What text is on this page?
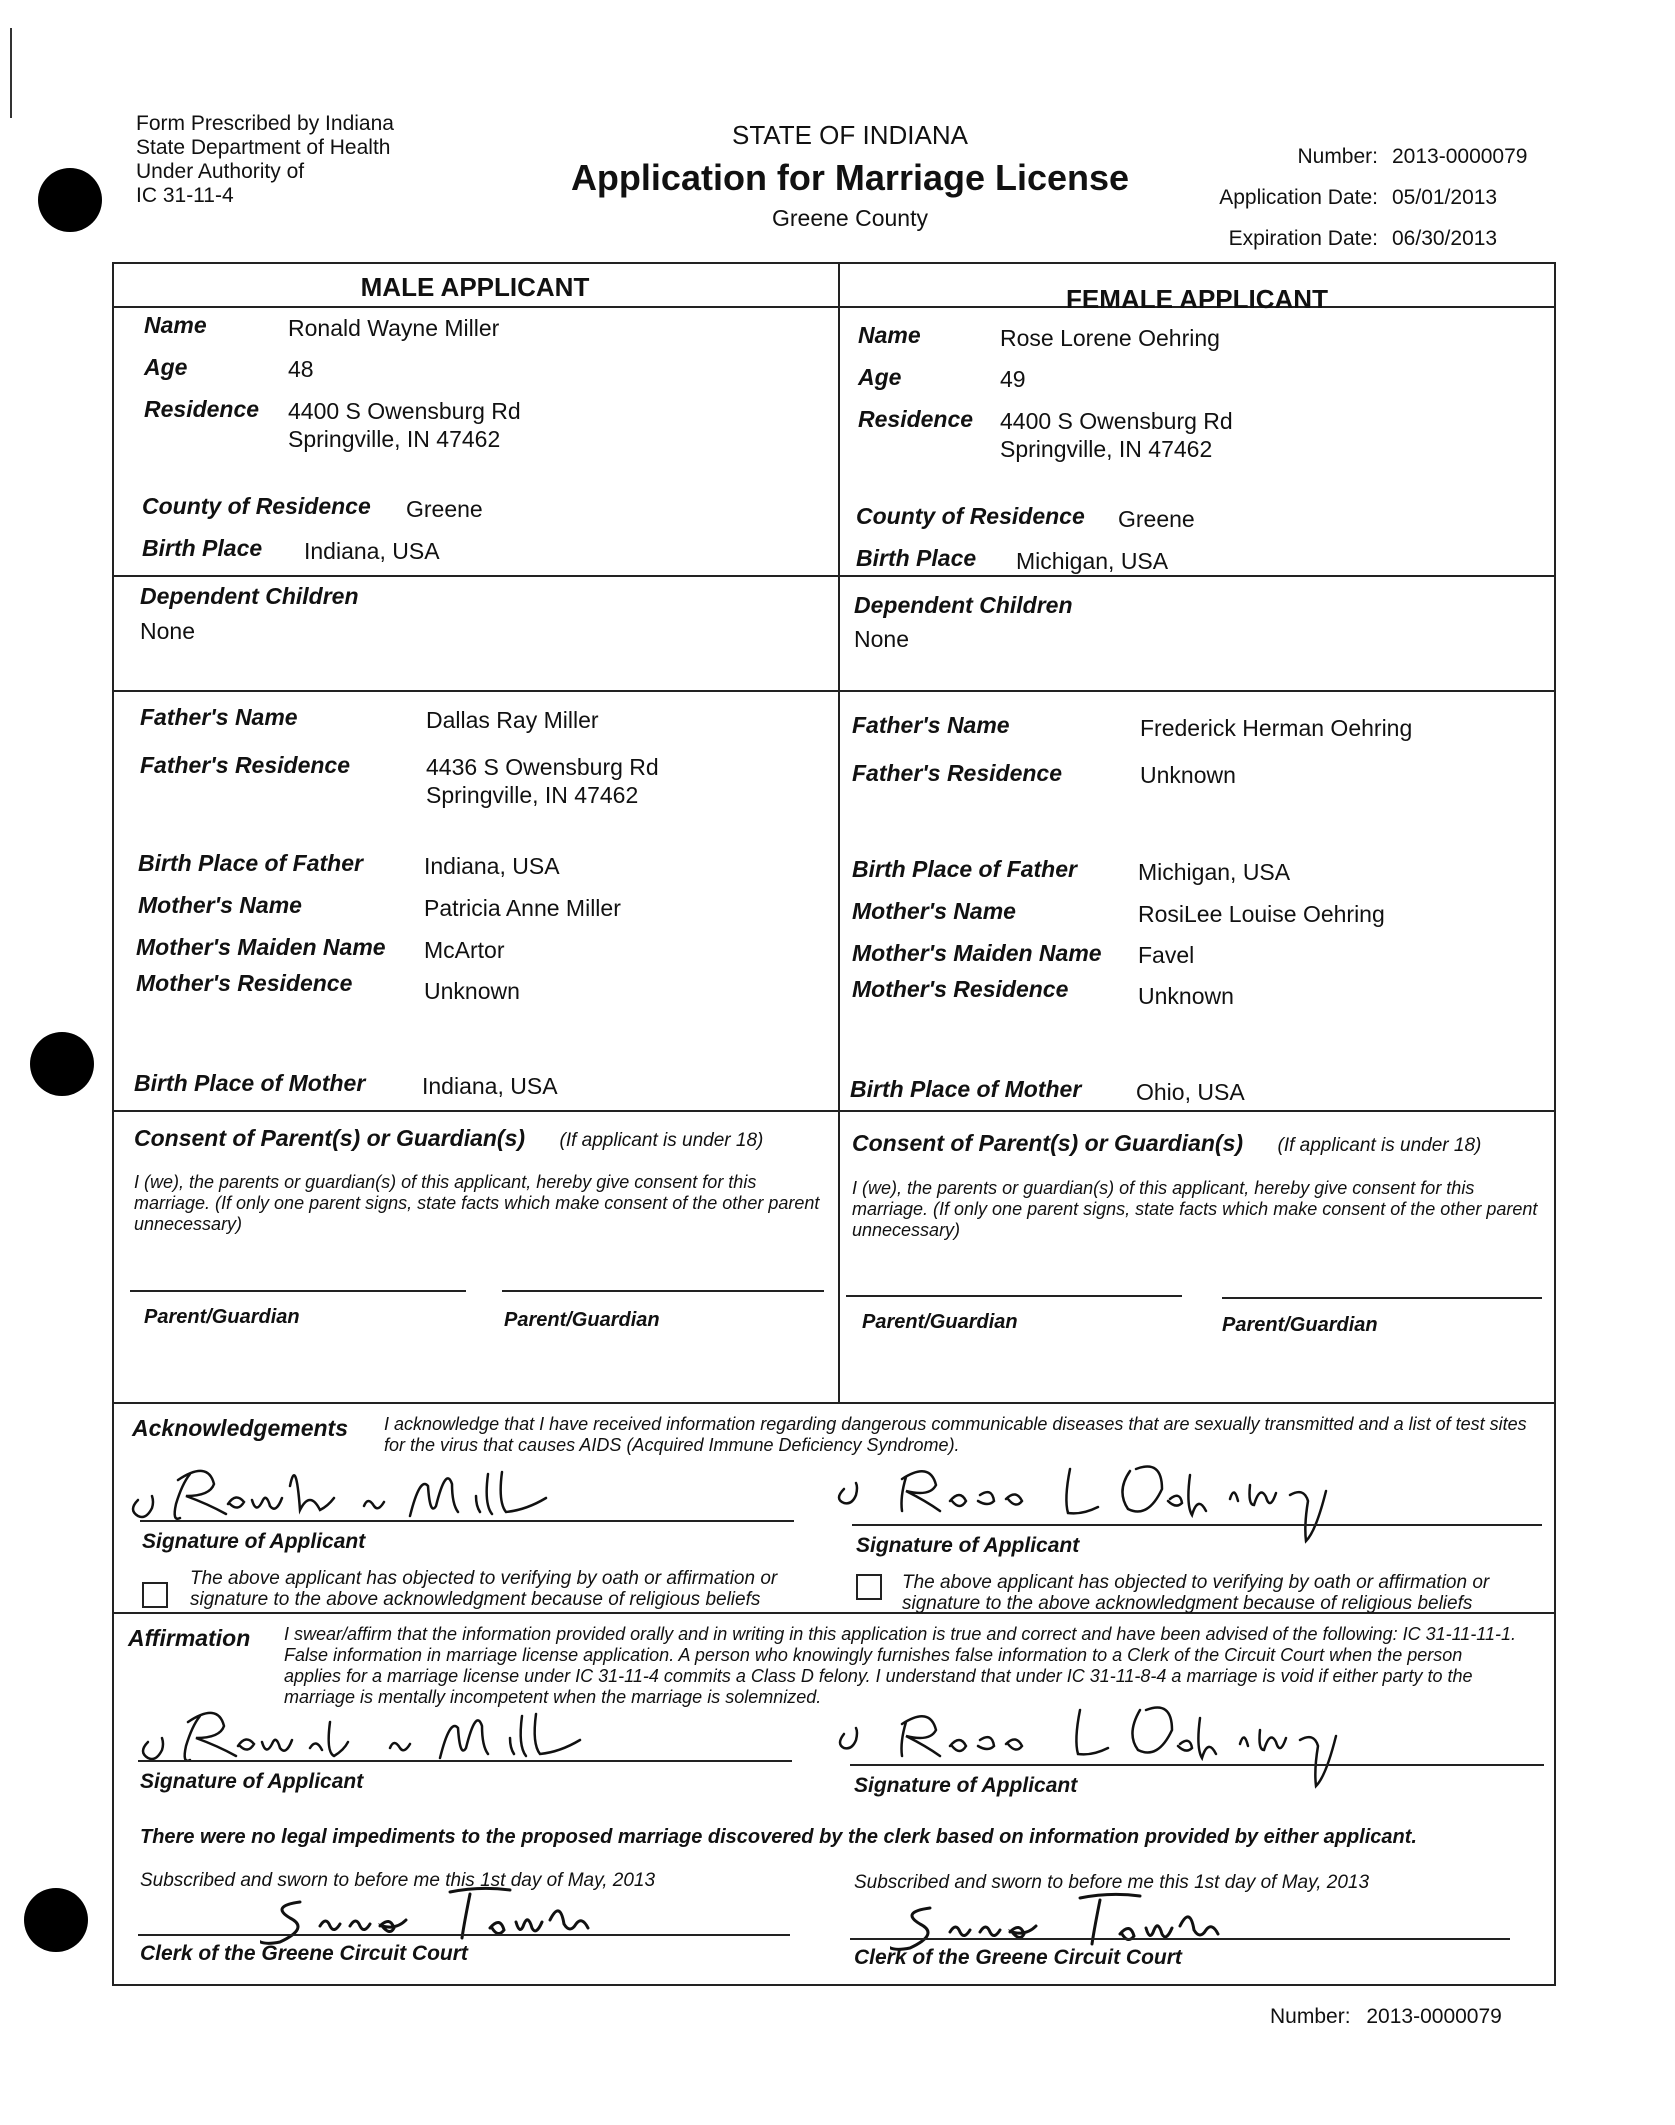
Form Prescribed by Indiana
State Department of Health
Under Authority of
IC 31-11-4
STATE OF INDIANA
Application for Marriage License
Greene County
Number: 2013-0000079
Application Date: 05/01/2013
Expiration Date: 06/30/2013
MALE APPLICANT	FEMALE APPLICANT
Name	Ronald Wayne Miller
Age	48
Residence 4400 S Owensburg Rd
Springville, IN 47462
County of Residence Greene
Birth Place Indiana, USA
Dependent Children
None
Father's Name	Dallas Ray Miller
Father's Residence	4436 S Owensburg Rd
Springville, IN 47462
Birth Place of Father	Indiana, USA
Mother's Name	Patricia Anne Miller
Mother's Maiden Name McArtor
Mother's Residence	Unknown
Birth Place of Mother Indiana, USA
Name	Rose Lorene Oehring
Age	49
Residence 4400 S Owensburg Rd
Springville, IN 47462
County of Residence Greene
Birth Place Michigan, USA
Dependent Children
None
Father's Name	Frederick Herman Oehring
Father's Residence	Unknown
Birth Place of Father	Michigan, USA
Mother's Name	RosiLee Louise Oehring
Mother's Maiden Name Favel
Mother's Residence	Unknown
Birth Place of Mother Ohio, USA
Consent of Parent(s) or Guardian(s) (If applicant is under 18)
I (we), the parents or guardian(s) of this applicant, hereby give consent for this marriage. (If only one parent signs, state facts which make consent of the other parent unnecessary)
Parent/Guardian	Parent/Guardian
Consent of Parent(s) or Guardian(s) (If applicant is under 18)
I (we), the parents or guardian(s) of this applicant, hereby give consent for this marriage. (If only one parent signs, state facts which make consent of the other parent unnecessary)
Parent/Guardian	Parent/Guardian
Acknowledgements I acknowledge that I have received information regarding dangerous communicable diseases that are sexually transmitted and a list of test sites for the virus that causes AIDS (Acquired Immune Deficiency Syndrome).
Signature of Applicant
The above applicant has objected to verifying by oath or affirmation or signature to the above acknowledgment because of religious beliefs
Signature of Applicant
The above applicant has objected to verifying by oath or affirmation or signature to the above acknowledgment because of religious beliefs
Affirmation I swear/affirm that the information provided orally and in writing in this application is true and correct and have been advised of the following: IC 31-11-11-1. False information in marriage license application. A person who knowingly furnishes false information to a Clerk of the Circuit Court when the person applies for a marriage license under IC 31-11-4 commits a Class D felony. I understand that under IC 31-11-8-4 a marriage is void if either party to the marriage is mentally incompetent when the marriage is solemnized.
Signature of Applicant	Signature of Applicant
There were no legal impediments to the proposed marriage discovered by the clerk based on information provided by either applicant.
Subscribed and sworn to before me this 1st day of May, 2013
Clerk of the Greene Circuit Court
Subscribed and sworn to before me this 1st day of May, 2013
Clerk of the Greene Circuit Court
Number: 2013-0000079
